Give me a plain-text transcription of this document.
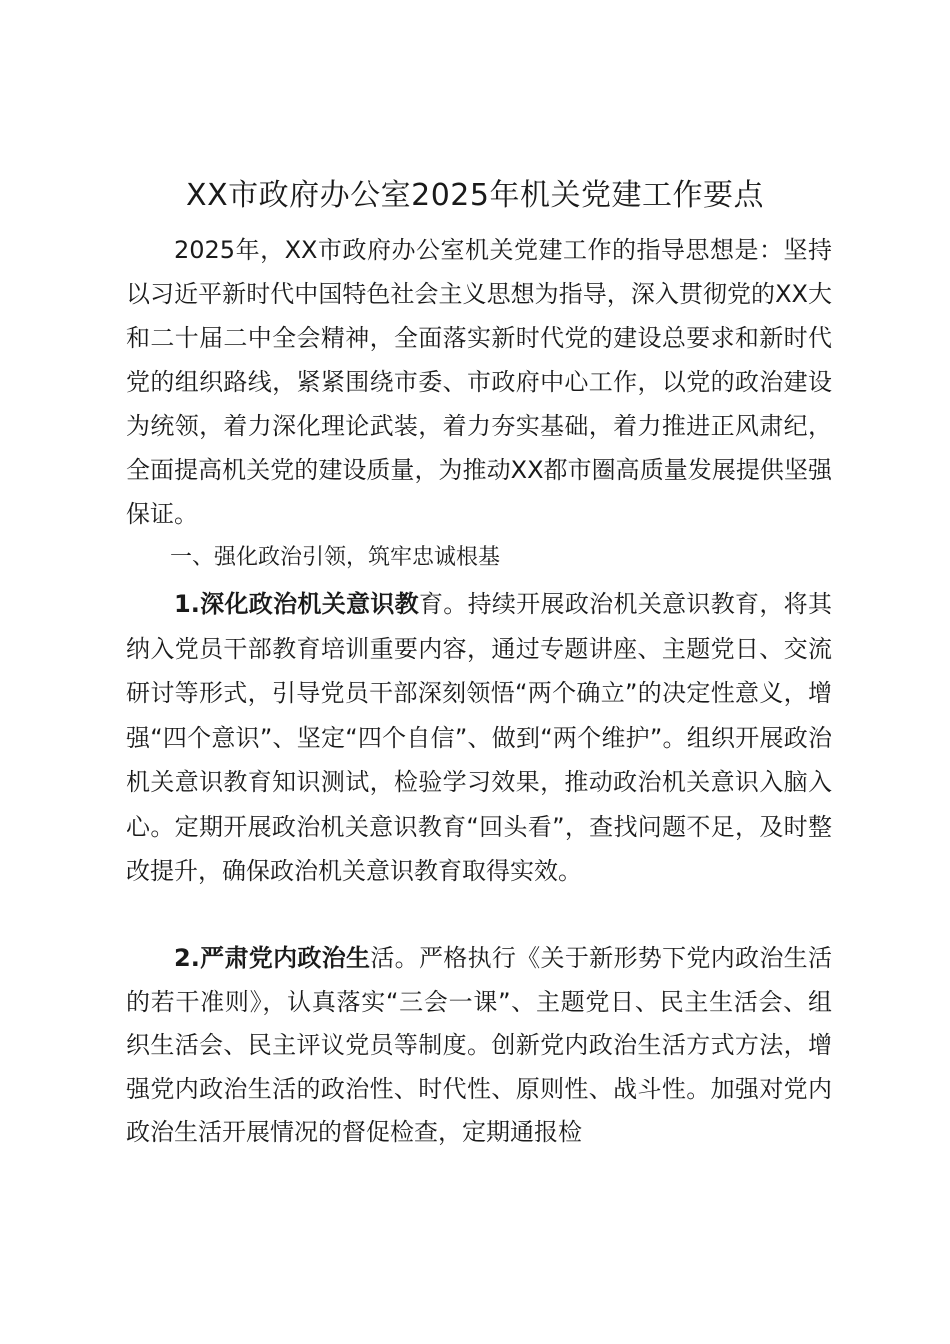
XX市政府办公室2025年机关党建工作要点

2025年，XX市政府办公室机关党建工作的指导思想是：坚持以习近平新时代中国特色社会主义思想为指导，深入贯彻党的XX大和二十届二中全会精神，全面落实新时代党的建设总要求和新时代党的组织路线，紧紧围绕市委、市政府中心工作，以党的政治建设为统领，着力深化理论武装，着力夯实基础，着力推进正风肃纪，全面提高机关党的建设质量，为推动XX都市圈高质量发展提供坚强保证。

一、强化政治引领，筑牢忠诚根基

1.深化政治机关意识教育。持续开展政治机关意识教育，将其纳入党员干部教育培训重要内容，通过专题讲座、主题党日、交流研讨等形式，引导党员干部深刻领悟“两个确立”的决定性意义，增强“四个意识”、坚定“四个自信”、做到“两个维护”。组织开展政治机关意识教育知识测试，检验学习效果，推动政治机关意识入脑入心。定期开展政治机关意识教育“回头看”，查找问题不足，及时整改提升，确保政治机关意识教育取得实效。

2.严肃党内政治生活。严格执行《关于新形势下党内政治生活的若干准则》，认真落实“三会一课”、主题党日、民主生活会、组织生活会、民主评议党员等制度。创新党内政治生活方式方法，增强党内政治生活的政治性、时代性、原则性、战斗性。加强对党内政治生活开展情况的督促检查，定期通报检
